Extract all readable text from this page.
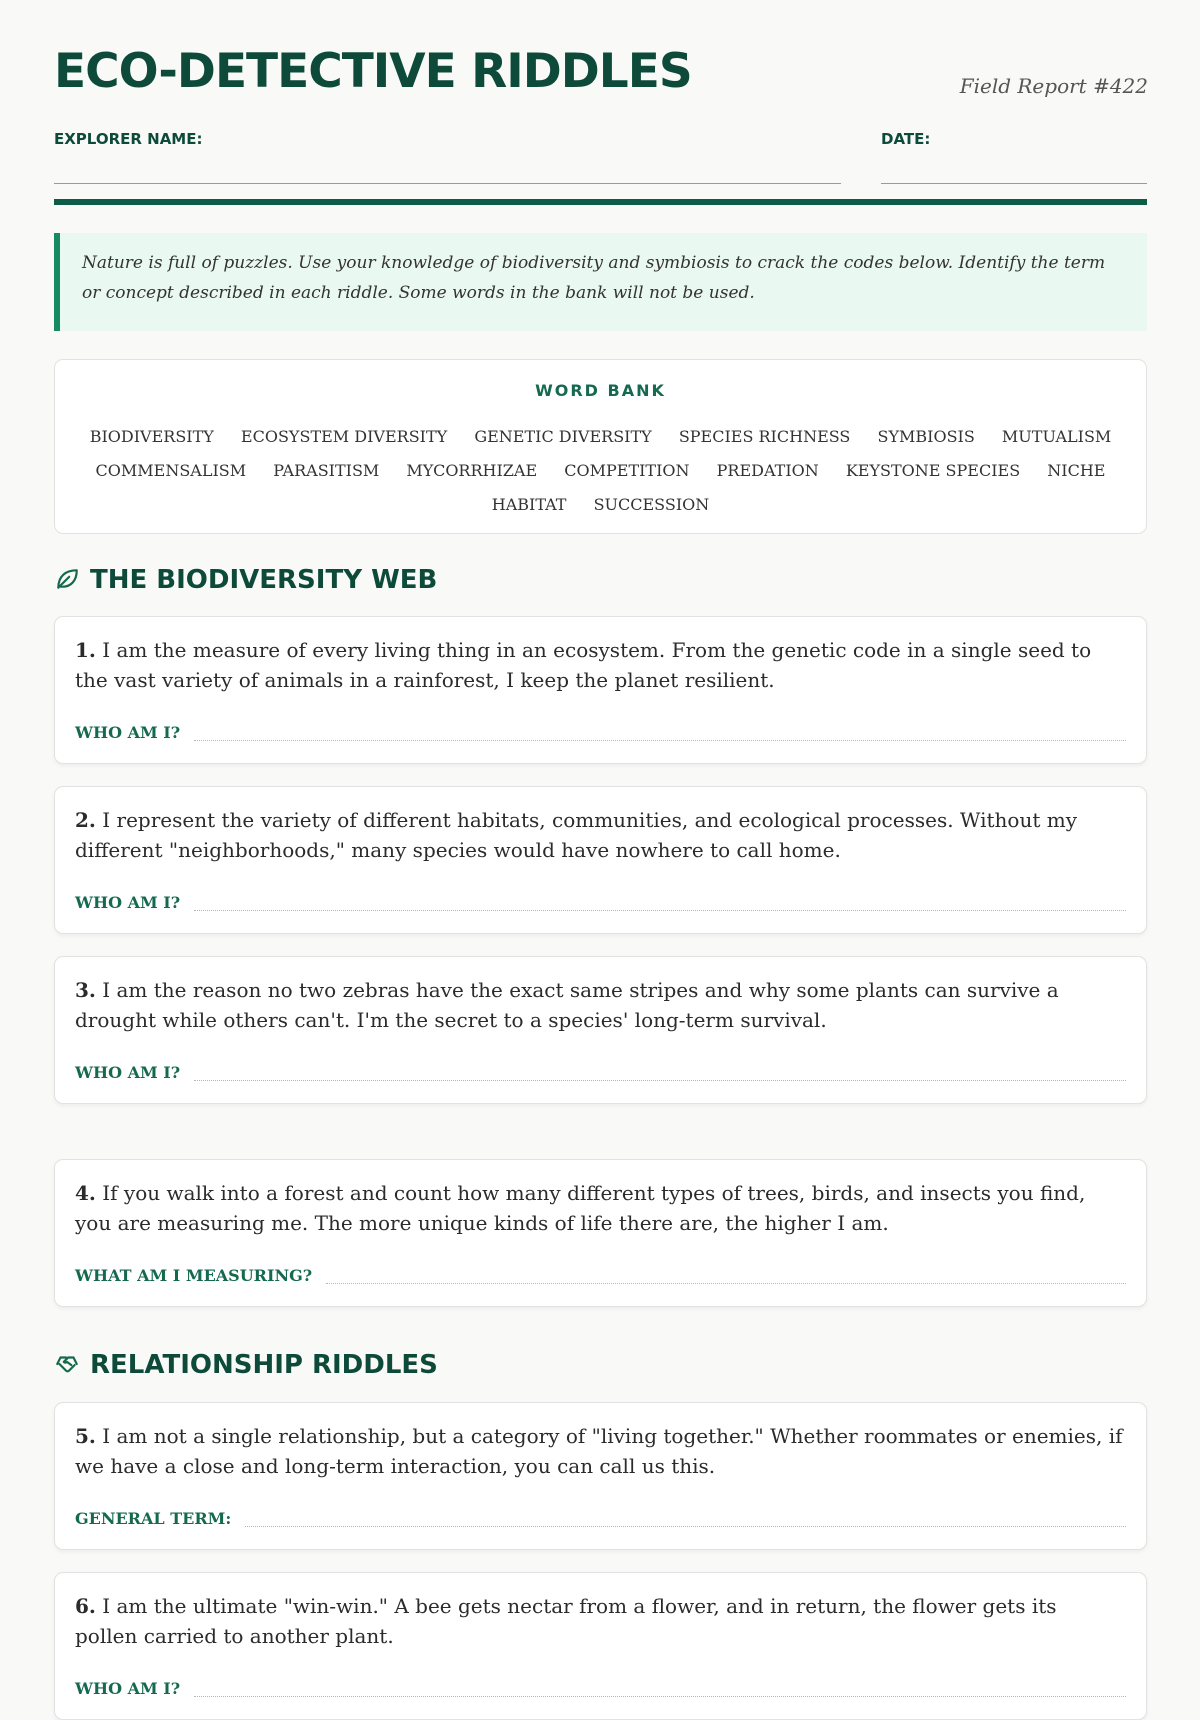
ECO-DETECTIVE RIDDLES	Field Report #422
EXPLORER NAME:	DATE:
Nature is full of puzzles. Use your knowledge of biodiversity and symbiosis to crack the codes below. Identify the term or concept described in each riddle. Some words in the bank will not be used.
WORD BANK
BIODIVERSITY ECOSYSTEM DIVERSITY GENETIC DIVERSITY SPECIES RICHNESS SYMBIOSIS MUTUALISM COMMENSALISM PARASITISM MYCORRHIZAE COMPETITION PREDATION KEYSTONE SPECIES NICHE HABITAT SUCCESSION
THE BIODIVERSITY WEB

1. I am the measure of every living thing in an ecosystem. From the genetic code in a single seed to the vast variety of animals in a rainforest, I keep the planet resilient.

WHO AM I?

2. I represent the variety of different habitats, communities, and ecological processes. Without my different "neighborhoods," many species would have nowhere to call home.

WHO AM I?

3. I am the reason no two zebras have the exact same stripes and why some plants can survive a drought while others can't. I'm the secret to a species' long-term survival.

WHO AM I?

4. If you walk into a forest and count how many different types of trees, birds, and insects you find, you are measuring me. The more unique kinds of life there are, the higher I am.

WHAT AM I MEASURING?
RELATIONSHIP RIDDLES

5. I am not a single relationship, but a category of "living together." Whether roommates or enemies, if we have a close and long-term interaction, you can call us this.

GENERAL TERM:

6. I am the ultimate "win-win." A bee gets nectar from a flower, and in return, the flower gets its pollen carried to another plant.

WHO AM I?
